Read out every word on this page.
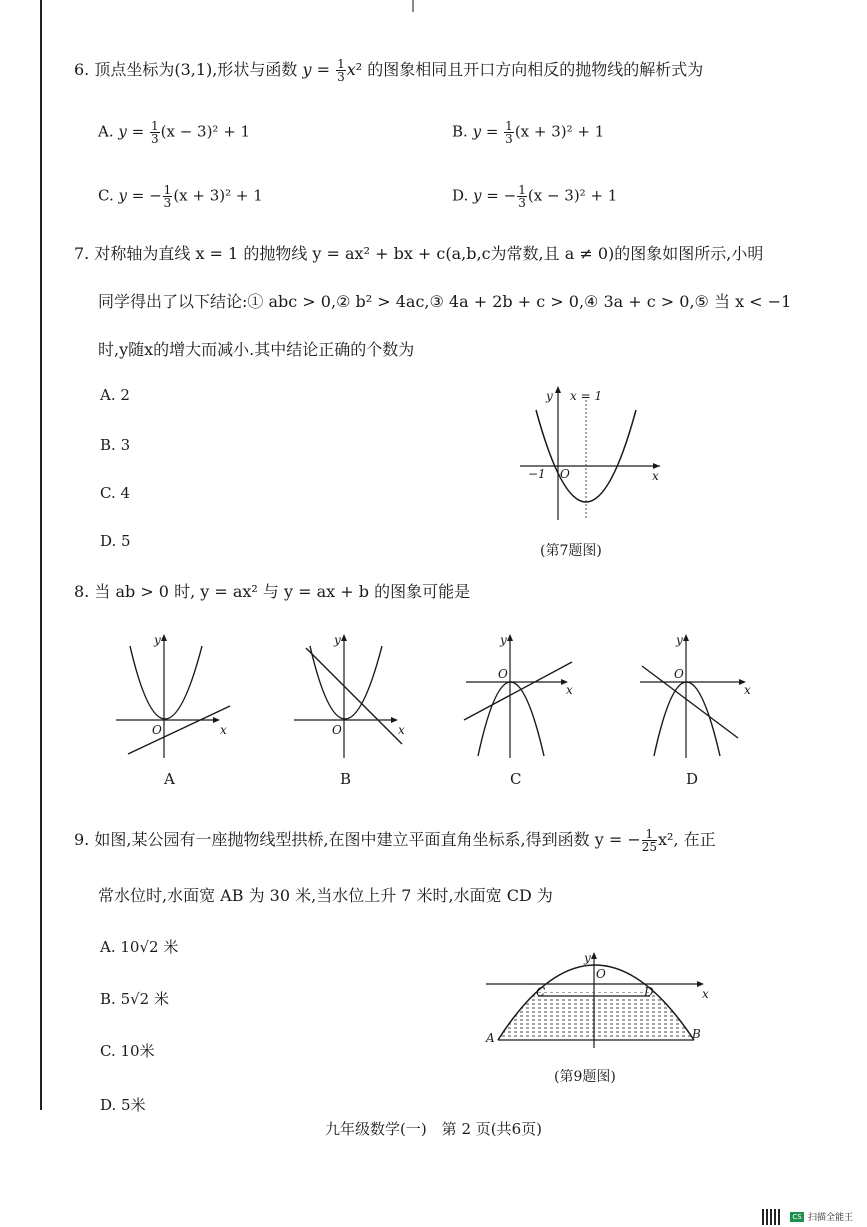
6. 顶点坐标为(3,1),形状与函数 $y = \frac{1}{3} x^2$ 的图象相同且开口方向相反的抛物线的解析式为
A. $y = \frac{1}{3} (x - 3)^2 + 1$	B. $y = \frac{1}{3} (x + 3)^2 + 1$
C. y = − $\frac{1}{3} (x + 3)^2 + 1$	D. y = − $\frac{1}{3} (x - 3)^2 + 1$
7. 对称轴为直线 x = 1 的抛物线 y = ax² + bx + c(a,b,c为常数,且 a ≠ 0)的图象如图所示,小明
同学得出了以下结论:① abc > 0,② b² > 4ac,③ 4a + 2b + c > 0,④ 3a + c > 0,⑤ 当 x < −1
时,y随x的增大而减小.其中结论正确的个数为
A. 2
B. 3
C. 4
D. 5
y x = 1
−1 O	x
(第7题图)
8. 当 ab > 0 时, y = ax² 与 y = ax + b 的图象可能是
y
O	x
A
y
O	x
B
y
O
x
C
y
O
x
D
9. 如图,某公园有一座抛物线型拱桥,在图中建立平面直角坐标系,得到函数 y = − $\frac{1}{25} x^2$, 在正
常水位时,水面宽 AB 为 30 米,当水位上升 7 米时,水面宽 CD 为
A. 10√2 米
B. 5√2 米
C. 10米
D. 5米
y
O
x
C	D
A	B
(第9题图)
九年级数学(一)　第 2 页(共6页)
CS 扫描全能王
